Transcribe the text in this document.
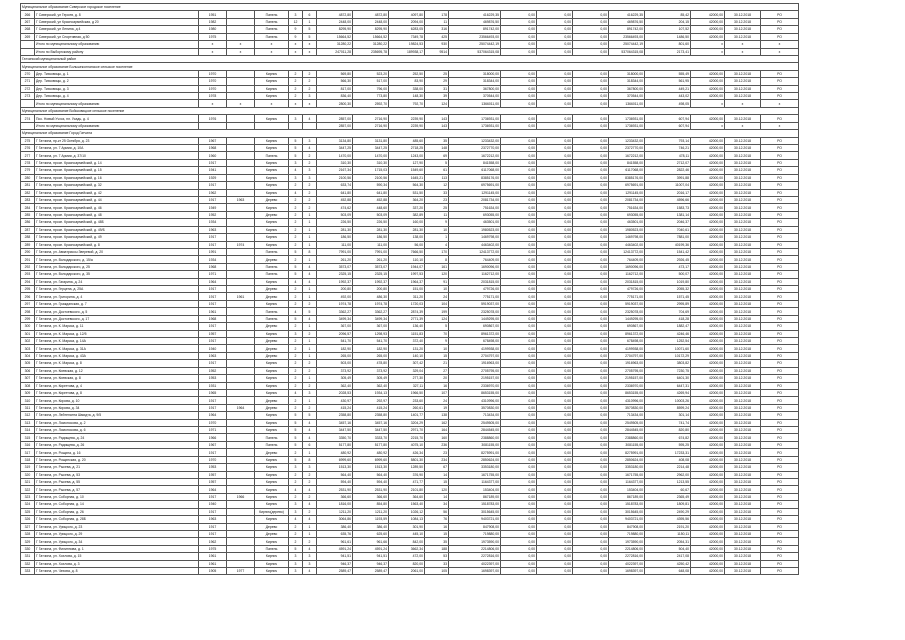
Муниципальное образование Сиверское городское поселение																			
266	Г Сиверский, ул Героев, д. 8	1951		Панель	3	6	4872,80	4872,80	4097,80	178	416229,35	0,00	0,00	0,00	416229,35	85,42	42000,00	30.12.2018	РО
267	Г Сиверский, ул Красноармейская, д 20	1982		Панель	12	1	2448,00	2448,00	2094,00	11	469876,50	0,00	0,00	0,00	469876,50	204,15	42000,00	30.12.2018	РО
268	Г Сиверский, ул Ленина, д 4	1980		Панель	9	5	8295,90	8295,90	6283,05	316	891742,00	0,00	0,00	0,00	891742,00	107,52	42000,00	30.12.2018	РО
269	Г Сиверский, ул Спортивная, д 50	1975		Панель	9	5	15664,52	15664,52	7349,78	425	23566493,00	0,00	0,00	0,00	23566493,00	1486,50	42000,00	30.12.2018	РО
	Итого по муниципальному образованию	x	x	x	x	x	31280,22	31280,22	19824,53	930	25074442,19	0,00	0,00	0,00	25074442,19	801,60	x	x	x
	Итого по Выборгскому району	x	x	x	x	x	247011,28	235695,78	189938,17	9514	537064315,08	0,00	0,00	0,00	537064315,08	2173,41	x	x	x
Гатчинский муниципальный район																			
Муниципальное образование Большеколпанское сельское поселение																			
270	Дер. Тихковицы, д. 1	1970		Кирпич	2	2	569,80	523,20	252,50	25	318000,00	0,00	0,00	0,00	318000,00	555,49	42000,00	30.12.2018	РО
271	Дер. Тихковицы, д. 2	1970		Кирпич	2	2	566,30	517,00	83,90	29	318344,00	0,00	0,00	0,00	318344,00	561,95	42000,00	30.12.2018	РО
272	Дер. Тихковицы, д. 3	1970		Кирпич	2	2	817,00	796,00	338,00	31	367800,00	0,00	0,00	0,00	367800,00	449,21	42000,00	30.12.2018	РО
273	Дер. Тихковицы, д. 4	1978		Кирпич	2	3	836,40	773,80	148,30	39	370544,00	0,00	0,00	0,00	370544,00	443,02	42000,00	30.12.2018	РО
	Итого по муниципальному образованию	x	x	x	x	x	2800,30	2592,70	792,70	124	1366011,00	0,00	0,00	0,00	1366011,00	498,05	x	x	x
Муниципальное образование Войсковицкое сельское поселение																			
274	Пос. Новый Учхоз, пл. Усадь, д. 4	1976		Кирпич	3	4	2857,00	2716,90	2239,90	143	1736931,00	0,00	0,00	0,00	1736931,00	607,94	42000,00	30.12.2018	РО
	Итого по муниципальному образованию						2857,00	2716,90	2239,90	143	1736931,00	0,00	0,00	0,00	1736931,00	607,94	x	x	x
Муниципальное образование Город Гатчина																			
275	Г Гатчина, пр-кт 25 Октября, д. 23	1967		Кирпич	5	3	3134,80	3131,80	485,60	35	1233432,00	0,00	0,00	0,00	1233432,00	793,14	42000,00	30.12.2018	РО
276	Г Гатчина, ул. 7 Армии, д. 10А	1968		Кирпич	5	4	3447,25	3447,25	2718,25	148	2372770,00	0,00	0,00	0,00	2372770,00	746,21	42000,00	30.12.2018	РО
277	Г Гатчина, ул. 7 Армии, д. 37/10	1960		Панель	5	2	1470,00	1470,00	1243,00	69	1672212,00	0,00	0,00	0,00	1672212,00	478,11	42000,00	30.12.2018	РО
278	Г Гатчина, просп. Красноармейский, д. 14	1917		Кирпич	3	2	310,30	310,30	127,90	5	841558,00	0,00	0,00	0,00	841558,00	2712,07	42000,00	30.12.2018	РО
279	Г Гатчина, просп. Красноармейский, д. 15	1941		Кирпич	4	3	2167,34	1715,03	1549,60	61	6117068,00	0,00	0,00	0,00	6117068,00	2822,46	42000,00	30.12.2018	РО
280	Г Гатчина, просп. Красноармейский, д. 16	1929		Кирпич	3	3	2100,56	2100,56	1645,21	113	8385176,00	0,00	0,00	0,00	8385176,00	3991,88	42000,00	30.12.2018	РО
281	Г Гатчина, просп. Красноармейский, д. 32	1917		Кирпич	2	2	633,74	590,34	564,30	12	6975691,00	0,00	0,00	0,00	6975691,00	11007,04	42000,00	30.12.2018	РО
282	Г Гатчина, просп. Красноармейский, д. 42	1962		Кирпич	4	2	641,80	641,80	531,50	33	1291145,00	0,00	0,00	0,00	1291145,00	2016,17	42000,00	30.12.2018	РО
283	Г Гатчина, просп. Красноармейский, д. 44	1917	1963	Дерево	2	2	452,88	452,88	364,20	23	2081734,00	0,00	0,00	0,00	2081734,00	4596,66	42000,00	30.12.2018	РО
284	Г Гатчина, просп. Красноармейский, д. 46	1949		Кирпич	2	2	474,62	448,60	337,20	25	751634,00	0,00	0,00	0,00	751634,00	1583,73	42000,00	30.12.2018	РО
285	Г Гатчина, просп. Красноармейский, д. 48	1952		Дерево	2	1	503,09	503,09	382,89	11	693055,00	0,00	0,00	0,00	693055,00	1381,14	42000,00	30.12.2018	РО
286	Г Гатчина, просп. Красноармейский, д. 48Б	1934		Кирпич	2	1	226,50	226,50	160,00	9	463501,00	0,00	0,00	0,00	463501,00	2046,37	42000,00	30.12.2018	РО
287	Г Гатчина, просп. Красноармейский, д. 49/Б	1963		Кирпич	2	1	281,30	281,30	281,30	10	1980523,00	0,00	0,00	0,00	1980523,00	7040,61	42000,00	30.12.2018	РО
288	Г Гатчина, просп. Красноармейский, д. 49	1917		Кирпич	2	1	186,50	186,50	138,00	1	1469798,00	0,00	0,00	0,00	1469798,00	7881,00	42000,00	30.12.2018	РО
289	Г Гатчина, просп. Красноармейский, д. 8	1917	1974	Кирпич	2	1	111,00	111,00	56,00	4	4463402,00	0,00	0,00	0,00	4463402,00	40199,36	42000,00	30.12.2018	РО
290	Г Гатчина, ул. Авиатриссы Зверевой, д. 20	1991		Панель	5	8	7991,00	7991,00	7666,50	170	12413772,00	0,00	0,00	0,00	12413772,00	1541,42	42000,00	30.12.2018	РО
291	Г Гатчина, ул. Володарского, д. 15/а	1934		Дерево	2	1	261,20	261,20	110,10	8	764409,00	0,00	0,00	0,00	764409,00	2926,45	42000,00	30.12.2018	РО
292	Г Гатчина, ул. Володарского, д. 25	1968		Панель	5	4	3573,07	3573,07	1944,07	161	1690096,00	0,00	0,00	0,00	1690096,00	473,17	42000,00	30.12.2018	РО
293	Г Гатчина, ул. Володарского, д. 35	1971		Панель	5	4	2325,15	2325,15	1997,53	120	1162712,00	0,00	0,00	0,00	1162712,00	500,07	42000,00	30.12.2018	РО
294	Г Гатчина, ул. Гагарина, д. 24	1964		Кирпич	4	4	1992,37	1992,37	1964,37	91	2031815,00	0,00	0,00	0,00	2031815,00	1019,80	42000,00	30.12.2018	РО
295	Г Гатчина, ул. Герцена, д. 25А	1917		Дерево	2	1	200,80	200,80	151,00	10	479726,00	0,00	0,00	0,00	479726,00	2055,32	42000,00	30.12.2018	РО
296	Г Гатчина, ул. Григорина, д. 4	1917	1961	Дерево	2	1	492,00	486,30	311,20	24	775171,00	0,00	0,00	0,00	775171,00	1571,45	42000,00	30.12.2018	РО
297	Г Гатчина, ул. Гражданская, д. 7	1917		Кирпич	2	2	1974,78	1974,78	1720,03	104	5919037,00	0,00	0,00	0,00	5919037,00	2995,89	42000,00	30.12.2018	РО
298	Г Гатчина, ул. Достоевского, д. 5	1961		Панель	4	5	3362,27	3362,27	2874,39	199	2325078,00	0,00	0,00	0,00	2325078,00	704,69	42000,00	30.12.2018	РО
299	Г Гатчина, ул. Достоевского, д. 17	1968		Панель	5	4	3499,34	3499,34	2771,39	124	1449295,00	0,00	0,00	0,00	1449295,00	418,28	42000,00	30.12.2018	РО
300	Г Гатчина, ул. К. Маркса, д. 11	1917		Дерево	2	1	367,00	367,00	136,40	5	690867,00	0,00	0,00	0,00	690867,00	1882,47	42000,00	30.12.2018	РО
301	Г Гатчина, ул. К. Маркса, д. 12/5	1957		Кирпич	3	2	2096,57	1298,93	1151,83	70	8961372,00	0,00	0,00	0,00	8961372,00	4246,46	42000,00	30.12.2018	РО
302	Г Гатчина, ул. К. Маркса, д. 14А	1917		Дерево	2	1	541,70	541,70	372,40	9	678498,00	0,00	0,00	0,00	678498,00	1252,54	42000,00	30.12.2018	РО
303	Г Гатчина, ул. К. Маркса, д. 31А	1940		Дерево	2	1	182,90	182,90	131,20	10	4199938,00	0,00	0,00	0,00	4199938,00	10071,60	42000,00	30.12.2018	РО
304	Г Гатчина, ул. К. Маркса, д. 43А	1963		Дерево	2	1	265,00	265,00	140,10	15	2704797,00	0,00	0,00	0,00	2704797,00	10172,29	42000,00	30.12.2018	РО
305	Г Гатчина, ул. К. Маркса, д. 8	1917		Кирпич	2	2	503,00	478,80	307,42	21	1916963,00	0,00	0,00	0,00	1916963,00	3803,82	42000,00	30.12.2018	РО
306	Г Гатчина, ул. Киевская, д. 12	1952		Кирпич	2	2	373,92	373,92	329,04	27	2705795,00	0,00	0,00	0,00	2705795,00	7230,75	42000,00	30.12.2018	РО
307	Г Гатчина, ул. Киевская, д. 8	1953		Кирпич	2	1	305,49	305,49	277,30	20	2195157,00	0,00	0,00	0,00	2195157,00	6401,30	42000,00	30.12.2018	РО
308	Г Гатчина, ул. Киргетова, д. 4	1931		Кирпич	2	2	362,40	362,40	327,11	16	2336970,00	0,00	0,00	0,00	2336970,00	6447,31	42000,00	30.12.2018	РО
309	Г Гатчина, ул. Киргетова, д. 8	1965		Кирпич	4	3	2028,53	1934,13	1966,50	107	8653155,00	0,00	0,00	0,00	8653155,00	4269,94	42000,00	30.12.2018	РО
310	Г Гатчина, ул. Кирова, д. 10	1917		Дерево	2	1	430,97	292,97	233,60	24	4310996,00	0,00	0,00	0,00	4310996,00	10003,26	42000,00	30.12.2018	РО
311	Г Гатчина, ул. Кирова, д. 34	1917	1964	Дерево	2	2	415,24	415,24	260,61	19	3570830,00	0,00	0,00	0,00	3570830,00	8599,24	42000,00	30.12.2018	РО
312	Г Гатчина, ул. Лейтенанта Шмидта, д. 9/5	1964		Кирпич	5	5	2358,80	2358,80	1401,77	138	713434,00	0,00	0,00	0,00	713434,00	301,14	42000,00	30.12.2018	РО
313	Г Гатчина, ул. Ломоносова, д. 2	1970		Кирпич	5	4	3457,16	3457,16	3204,29	162	2549505,00	0,00	0,00	0,00	2549505,00	741,74	42000,00	30.12.2018	РО
314	Г Гатчина, ул. Ломоносова, д. 6	1971		Кирпич	5	4	3447,50	3447,50	2971,70	164	2844545,00	0,00	0,00	0,00	2844545,00	820,80	42000,00	30.12.2018	РО
315	Г Гатчина, ул. Радищева, д. 24	1966		Панель	5	4	3350,70	3333,70	2215,70	160	2388860,00	0,00	0,00	0,00	2388860,00	674,82	42000,00	30.12.2018	РО
316	Г Гатчина, ул. Радищева, д. 26	1967		Панель	5	6	5177,80	5177,80	4075,10	236	3081155,00	0,00	0,00	0,00	3081155,00	595,25	42000,00	30.12.2018	РО
317	Г Гатчина, ул. Рощина, д. 16	1917		Дерево	2	1	480,92	480,92	426,34	23	8275991,00	0,00	0,00	0,00	8275991,00	17233,31	42000,00	30.12.2018	РО
318	Г Гатчина, ул. Рощинская, д. 20	1970		Кирпич	5	8	6999,60	6999,60	5801,30	234	2850624,00	0,00	0,00	0,00	2850624,00	408,08	42000,00	30.12.2018	РО
319	Г Гатчина, ул. Рысева, д. 21	1953		Кирпич	3	3	1513,30	1513,30	1289,50	67	3353180,00	0,00	0,00	0,00	3353180,00	2214,48	42000,00	30.12.2018	РО
320	Г Гатчина, ул. Рысева, д. 53	1957		Кирпич	2	2	564,40	564,40	376,90	14	1671755,00	0,00	0,00	0,00	1671755,00	2962,00	42000,00	30.12.2018	РО
321	Г Гатчина, ул. Рысева, д. 55	1957		Кирпич	2	2	594,40	594,40	471,77	15	1164377,00	0,00	0,00	0,00	1164377,00	1213,55	42000,00	30.12.2018	РО
322	Г Гатчина, ул. Рысева, д. 57	1964		Кирпич	4	4	2531,90	2531,90	2101,80	120	153404,00	0,00	0,00	0,00	153404,00	60,67	42000,00	30.12.2018	РО
323	Г Гатчина, ул. Соборная, д. 10	1917	1966	Кирпич	2	2	366,60	366,60	364,60	14	867189,00	0,00	0,00	0,00	867189,00	2365,49	42000,00	30.12.2018	РО
324	Г Гатчина, ул. Соборная, д. 14	1940		Кирпич	3	4	1816,00	854,80	1563,40	34	1518783,00	0,00	0,00	0,00	1518783,00	1809,81	42000,00	30.12.2018	РО
325	Г Гатчина, ул. Соборная, д. 26	1917		Кирпич(дерево)	3	2	1211,20	1211,20	1026,12	56	3015645,00	0,00	0,00	0,00	3015645,00	2490,29	42000,00	30.12.2018	РО
326	Г Гатчина, ул. Соборная, д. 28Б	1963		Кирпич	4	4	3064,86	1193,59	1084,13	76	9403721,00	0,00	0,00	0,00	9403721,00	4395,56	42000,00	30.12.2018	РО
327	Г Гатчина, ул. Урицкого, д. 23	1917		Дерево	2	1	386,40	386,40	301,90	16	847908,00	0,00	0,00	0,00	847908,00	2191,20	42000,00	30.12.2018	РО
328	Г Гатчина, ул. Урицкого, д. 29	1917		Дерево	2	1	635,76	625,60	445,10	15	719880,00	0,00	0,00	0,00	719880,00	1150,11	42000,00	30.12.2018	РО
329	Г Гатчина, ул. Урицкого, д. 34	1962		Кирпич	2	2	961,61	961,66	842,00	35	1973590,00	0,00	0,00	0,00	1973590,00	2054,31	42000,00	30.12.2018	РО
330	Г Гатчина, ул. Филиппова, д. 1	1975		Панель	5	4	4591,24	4591,24	3662,34	188	2214806,00	0,00	0,00	0,00	2214806,00	504,40	42000,00	30.12.2018	РО
331	Г Гатчина, ул. Хохлова, д. 15	1961		Кирпич	3	3	941,51	941,51	472,00	53	2272816,00	0,00	0,00	0,00	2272816,00	2417,08	42000,00	30.12.2018	РО
332	Г Гатчина, ул. Хохлова, д. 3	1961		Кирпич	3	3	946,37	946,37	820,00	33	4022397,00	0,00	0,00	0,00	4022397,00	4250,42	42000,00	30.12.2018	РО
333	Г Гатчина, ул. Чехова, д. 8	1905	1977	Кирпич	3	4	2589,47	2589,47	2061,00	105	1698397,00	0,00	0,00	0,00	1698397,00	648,08	42000,00	30.12.2018	РО
